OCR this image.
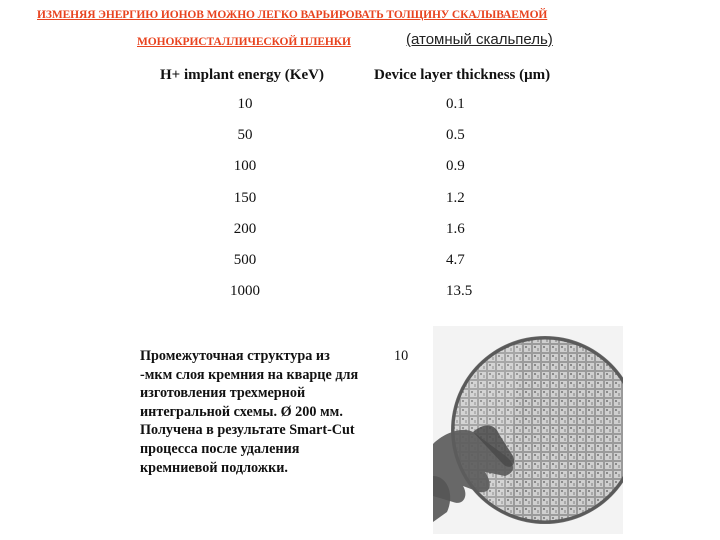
ИЗМЕНЯЯ ЭНЕРГИЮ ИОНОВ МОЖНО ЛЕГКО ВАРЬИРОВАТЬ ТОЛЩИНУ СКАЛЫВАЕМОЙ
МОНОКРИСТАЛЛИЧЕСКОЙ ПЛЕНКИ	(атомный скальпель)
H+ implant energy (KeV)	Device layer thickness (μm)
10	0.1
50	0.5
100	0.9
150	1.2
200	1.6
500	4.7
1000	13.5
Промежуточная структура из	10
-мкм слоя кремния на кварце для
изготовления трехмерной
интегральной схемы. Ø 200 мм.
Получена в результате Smart-Cut
процесса после удаления
кремниевой подложки.
